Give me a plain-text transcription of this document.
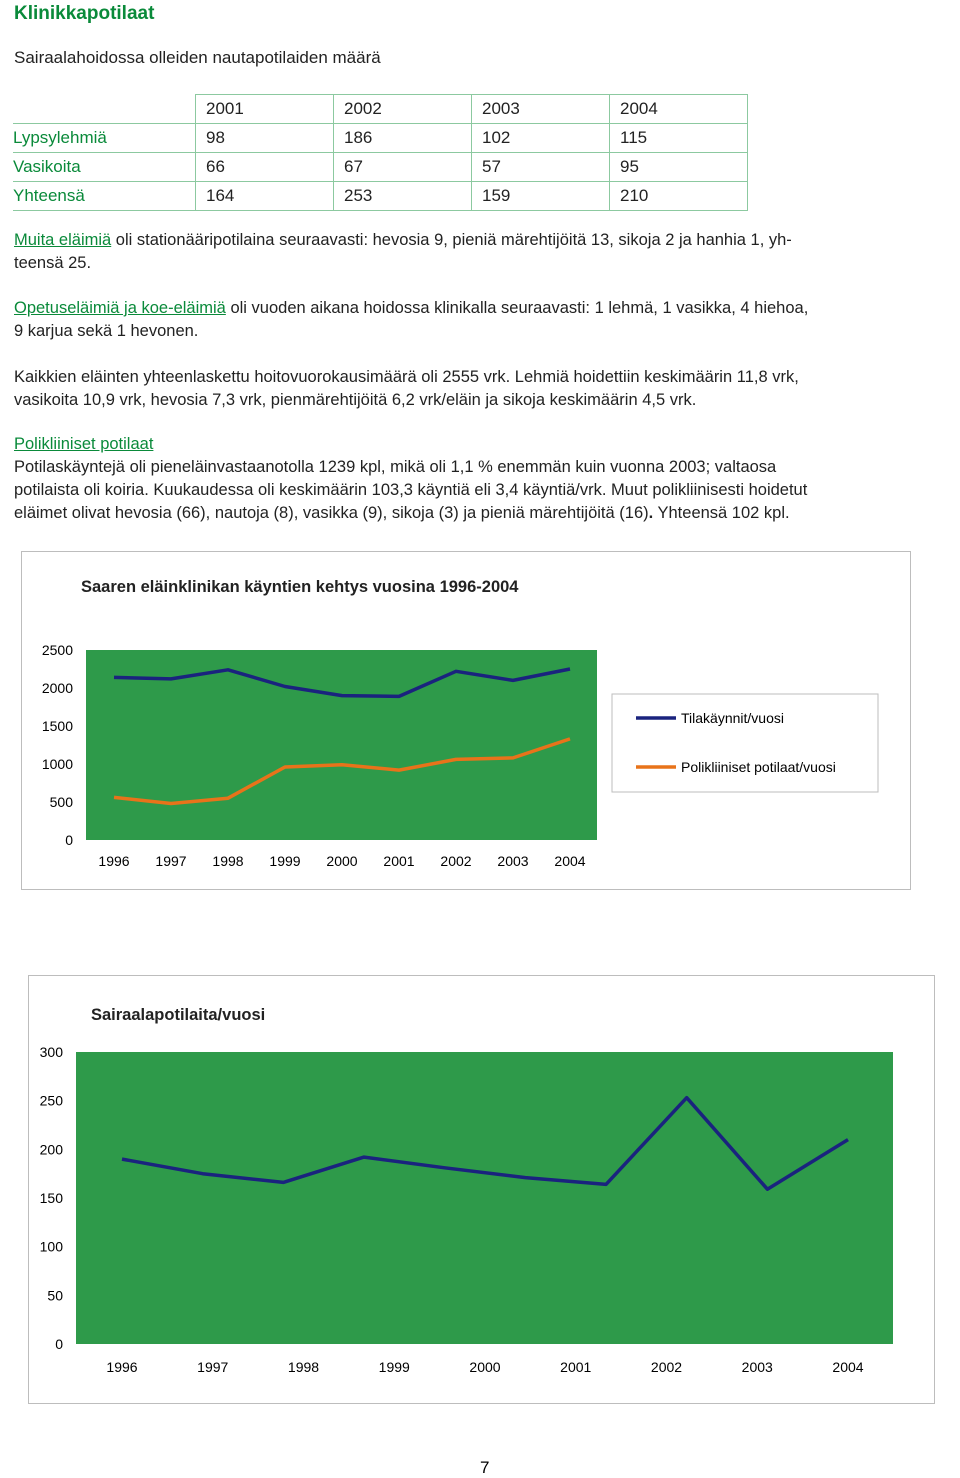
Klinikkapotilaat
Sairaalahoidossa olleiden nautapotilaiden määrä
	2001	2002	2003	2004
Lypsylehmiä	98	186	102	115
Vasikoita	66	67	57	95
Yhteensä	164	253	159	210
Muita eläimiä oli stationääripotilaina seuraavasti: hevosia 9, pieniä märehtijöitä 13, sikoja 2 ja hanhia 1, yh-
teensä 25.
Opetuseläimiä ja koe-eläimiä oli vuoden aikana hoidossa klinikalla seuraavasti: 1 lehmä, 1 vasikka, 4 hiehoa,
9 karjua sekä 1 hevonen.
Kaikkien eläinten yhteenlaskettu hoitovuorokausimäärä oli 2555 vrk. Lehmiä hoidettiin keskimäärin 11,8 vrk,
vasikoita 10,9 vrk, hevosia 7,3 vrk, pienmärehtijöitä 6,2 vrk/eläin ja sikoja keskimäärin 4,5 vrk.
Polikliiniset potilaat
Potilaskäyntejä oli pieneläinvastaanotolla 1239 kpl, mikä oli 1,1 % enemmän kuin vuonna 2003; valtaosa
potilaista oli koiria. Kuukaudessa oli keskimäärin 103,3 käyntiä eli 3,4 käyntiä/vrk. Muut polikliinisesti hoidetut
eläimet olivat hevosia (66), nautoja (8), vasikka (9), sikoja (3) ja pieniä märehtijöitä (16). Yhteensä 102 kpl.
Saaren eläinklinikan käyntien kehtys vuosina 1996-2004
0
500
1000
1500
2000
2500
1996 1997 1998 1999 2000 2001 2002 2003 2004
Tilakäynnit/vuosi
Polikliiniset potilaat/vuosi
Sairaalapotilaita/vuosi
0
50
100
150
200
250
300
1996	1997	1998	1999	2000	2001	2002	2003	2004
7
